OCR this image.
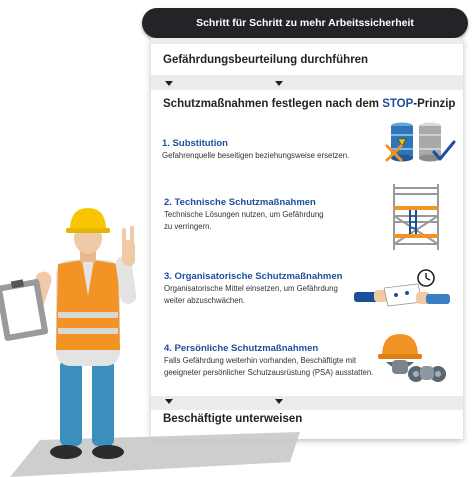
Schritt für Schritt zu mehr Arbeitssicherheit
Gefährdungsbeurteilung durchführen
Schutzmaßnahmen festlegen nach dem STOP-Prinzip
1. Substitution
Gefahrenquelle beseitigen beziehungsweise ersetzen.
2. Technische Schutzmaßnahmen
Technische Lösungen nutzen, um Gefährdung
zu verringern.
3. Organisatorische Schutzmaßnahmen
Organisatorische Mittel einsetzen, um Gefährdung
weiter abzuschwächen.
4. Persönliche Schutzmaßnahmen
Falls Gefährdung weiterhin vorhanden, Beschäftigte mit
geeigneter persönlicher Schutzausrüstung (PSA) ausstatten.
Beschäftigte unterweisen
